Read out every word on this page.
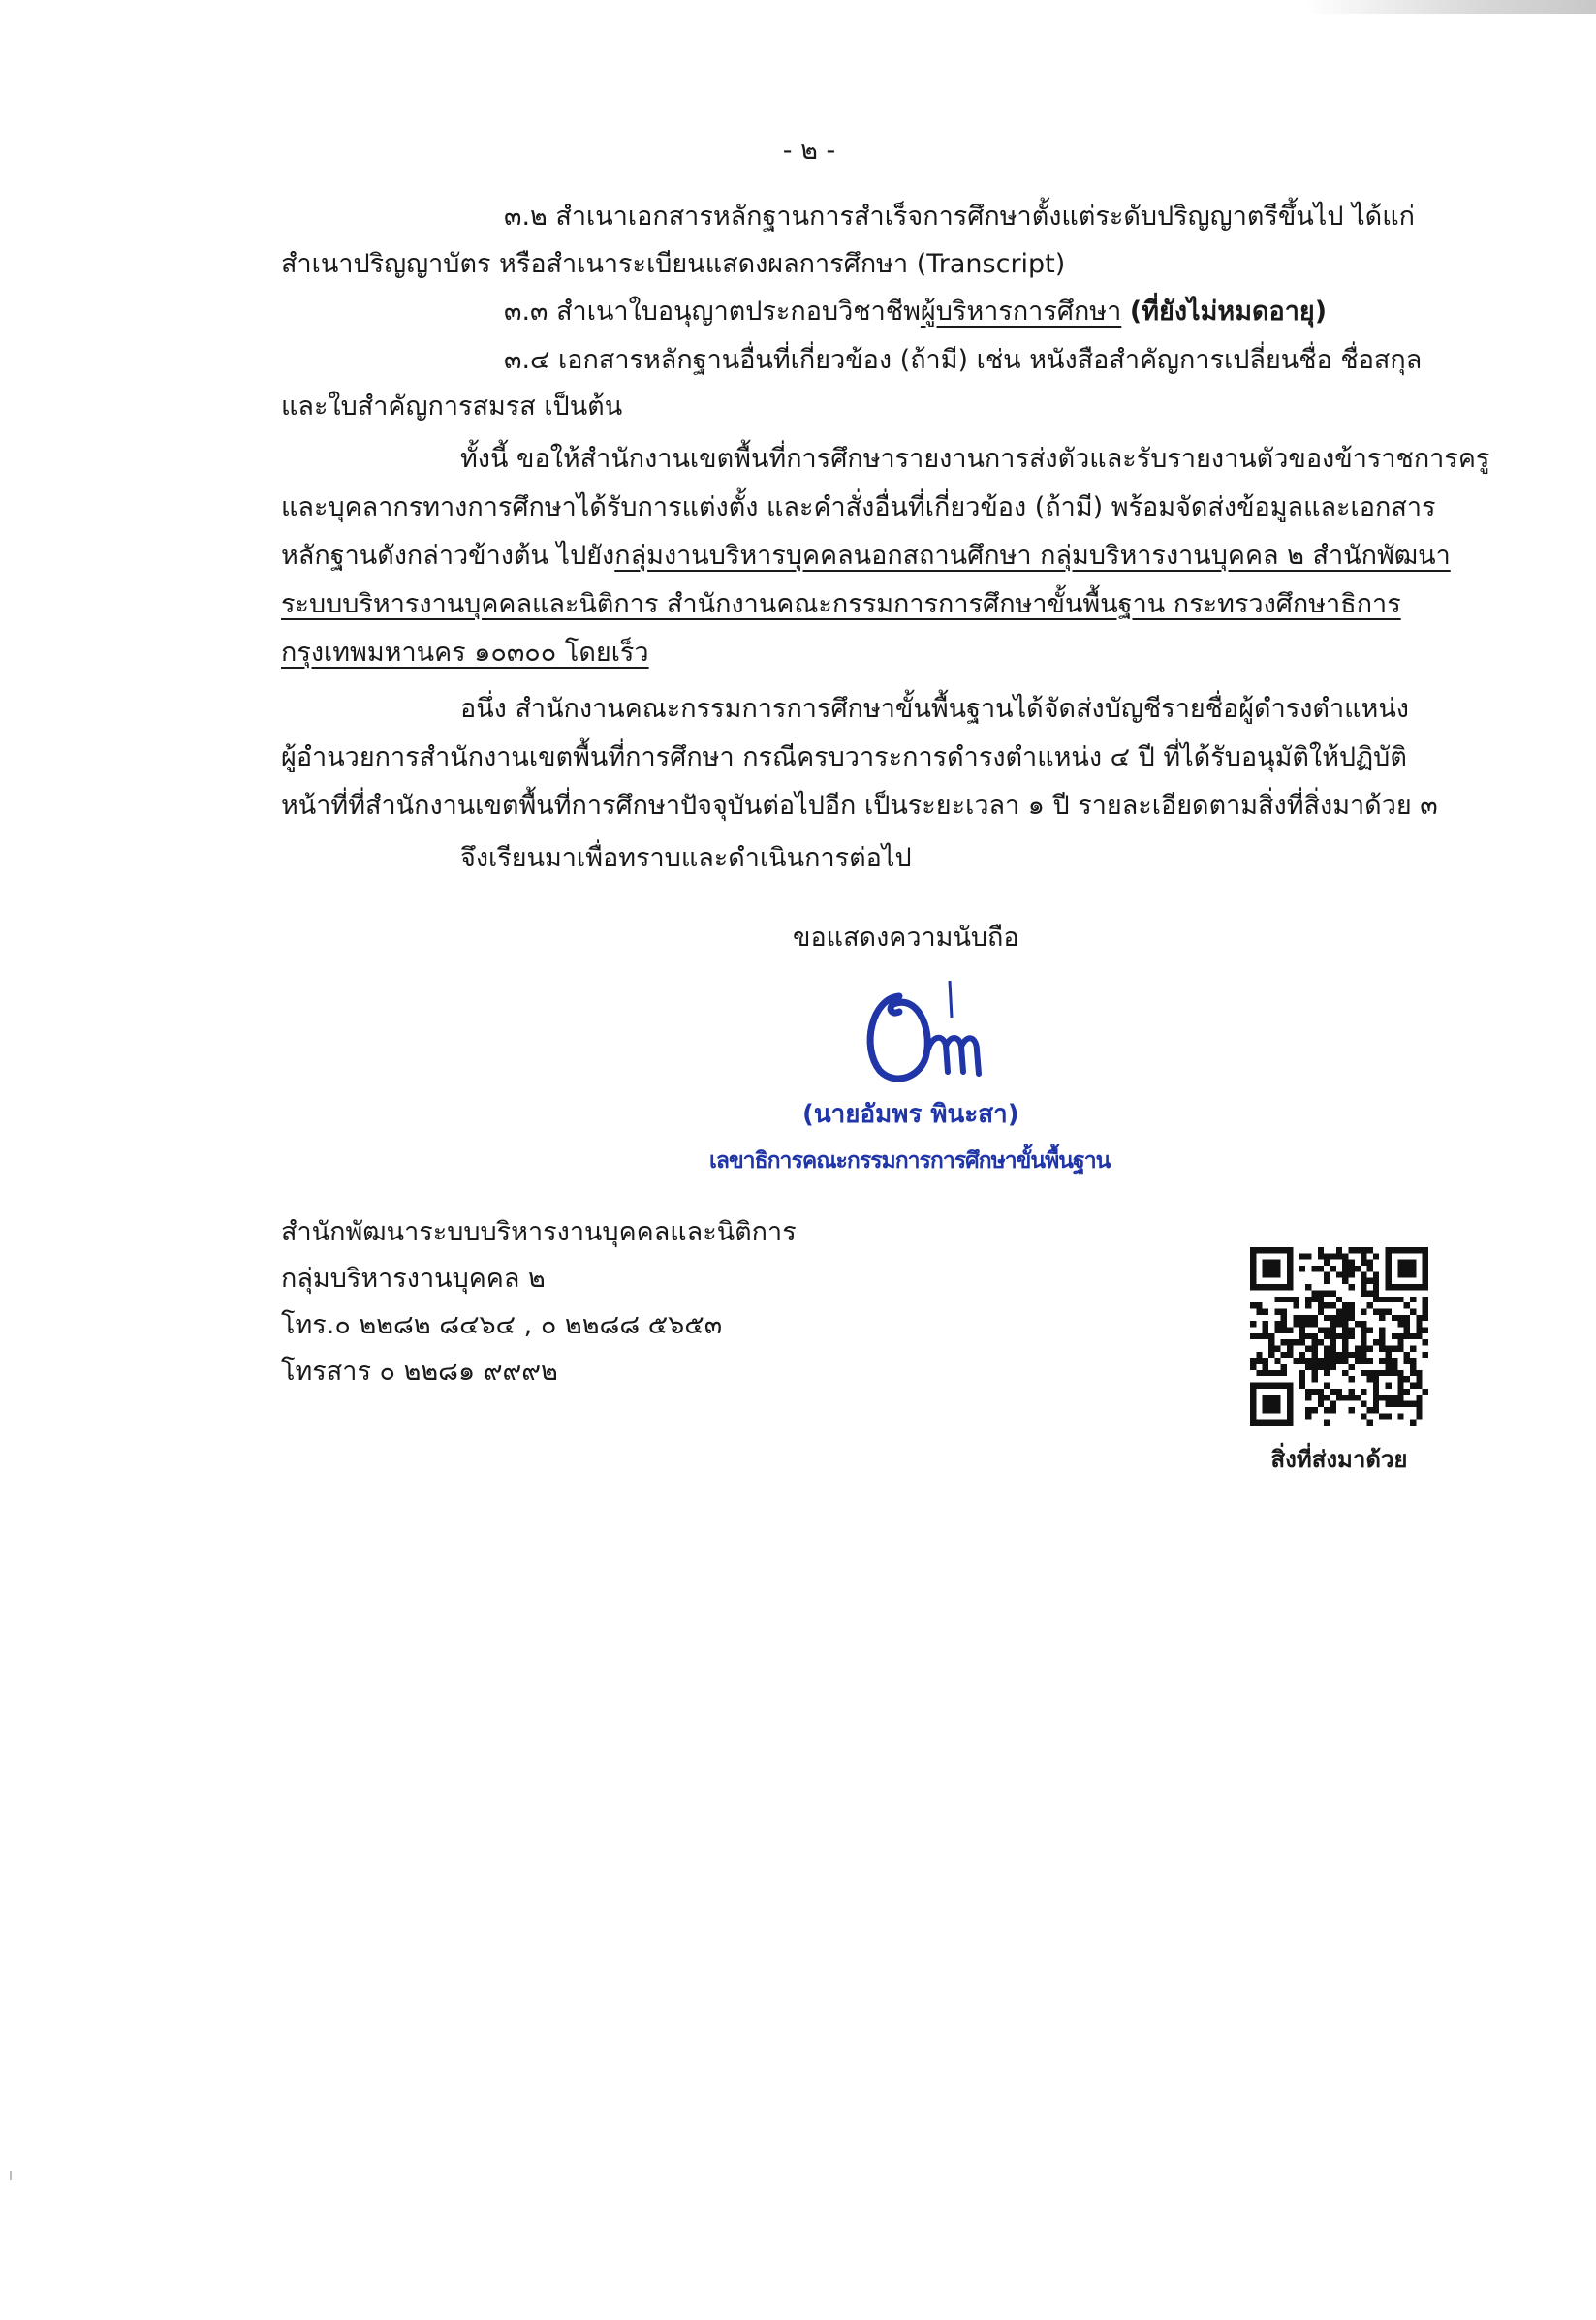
- ๒ -
๓.๒ สำเนาเอกสารหลักฐานการสำเร็จการศึกษาตั้งแต่ระดับปริญญาตรีขึ้นไป ได้แก่
สำเนาปริญญาบัตร หรือสำเนาระเบียนแสดงผลการศึกษา (Transcript)
๓.๓ สำเนาใบอนุญาตประกอบวิชาชีพผู้บริหารการศึกษา (ที่ยังไม่หมดอายุ)
๓.๔ เอกสารหลักฐานอื่นที่เกี่ยวข้อง (ถ้ามี) เช่น หนังสือสำคัญการเปลี่ยนชื่อ ชื่อสกุล
และใบสำคัญการสมรส เป็นต้น
ทั้งนี้ ขอให้สำนักงานเขตพื้นที่การศึกษารายงานการส่งตัวและรับรายงานตัวของข้าราชการครู
และบุคลากรทางการศึกษาได้รับการแต่งตั้ง และคำสั่งอื่นที่เกี่ยวข้อง (ถ้ามี) พร้อมจัดส่งข้อมูลและเอกสาร
หลักฐานดังกล่าวข้างต้น ไปยังกลุ่มงานบริหารบุคคลนอกสถานศึกษา กลุ่มบริหารงานบุคคล ๒ สำนักพัฒนา
ระบบบริหารงานบุคคลและนิติการ สำนักงานคณะกรรมการการศึกษาขั้นพื้นฐาน กระทรวงศึกษาธิการ
กรุงเทพมหานคร ๑๐๓๐๐ โดยเร็ว
อนึ่ง สำนักงานคณะกรรมการการศึกษาขั้นพื้นฐานได้จัดส่งบัญชีรายชื่อผู้ดำรงตำแหน่ง
ผู้อำนวยการสำนักงานเขตพื้นที่การศึกษา กรณีครบวาระการดำรงตำแหน่ง ๔ ปี ที่ได้รับอนุมัติให้ปฏิบัติ
หน้าที่ที่สำนักงานเขตพื้นที่การศึกษาปัจจุบันต่อไปอีก เป็นระยะเวลา ๑ ปี รายละเอียดตามสิ่งที่สิ่งมาด้วย ๓
จึงเรียนมาเพื่อทราบและดำเนินการต่อไป
ขอแสดงความนับถือ
(นายอัมพร พินะสา)
เลขาธิการคณะกรรมการการศึกษาขั้นพื้นฐาน
สำนักพัฒนาระบบบริหารงานบุคคลและนิติการ
กลุ่มบริหารงานบุคคล ๒
โทร.๐ ๒๒๘๒ ๘๔๖๔ , ๐ ๒๒๘๘ ๕๖๕๓
โทรสาร ๐ ๒๒๘๑ ๙๙๙๒
สิ่งที่ส่งมาด้วย
